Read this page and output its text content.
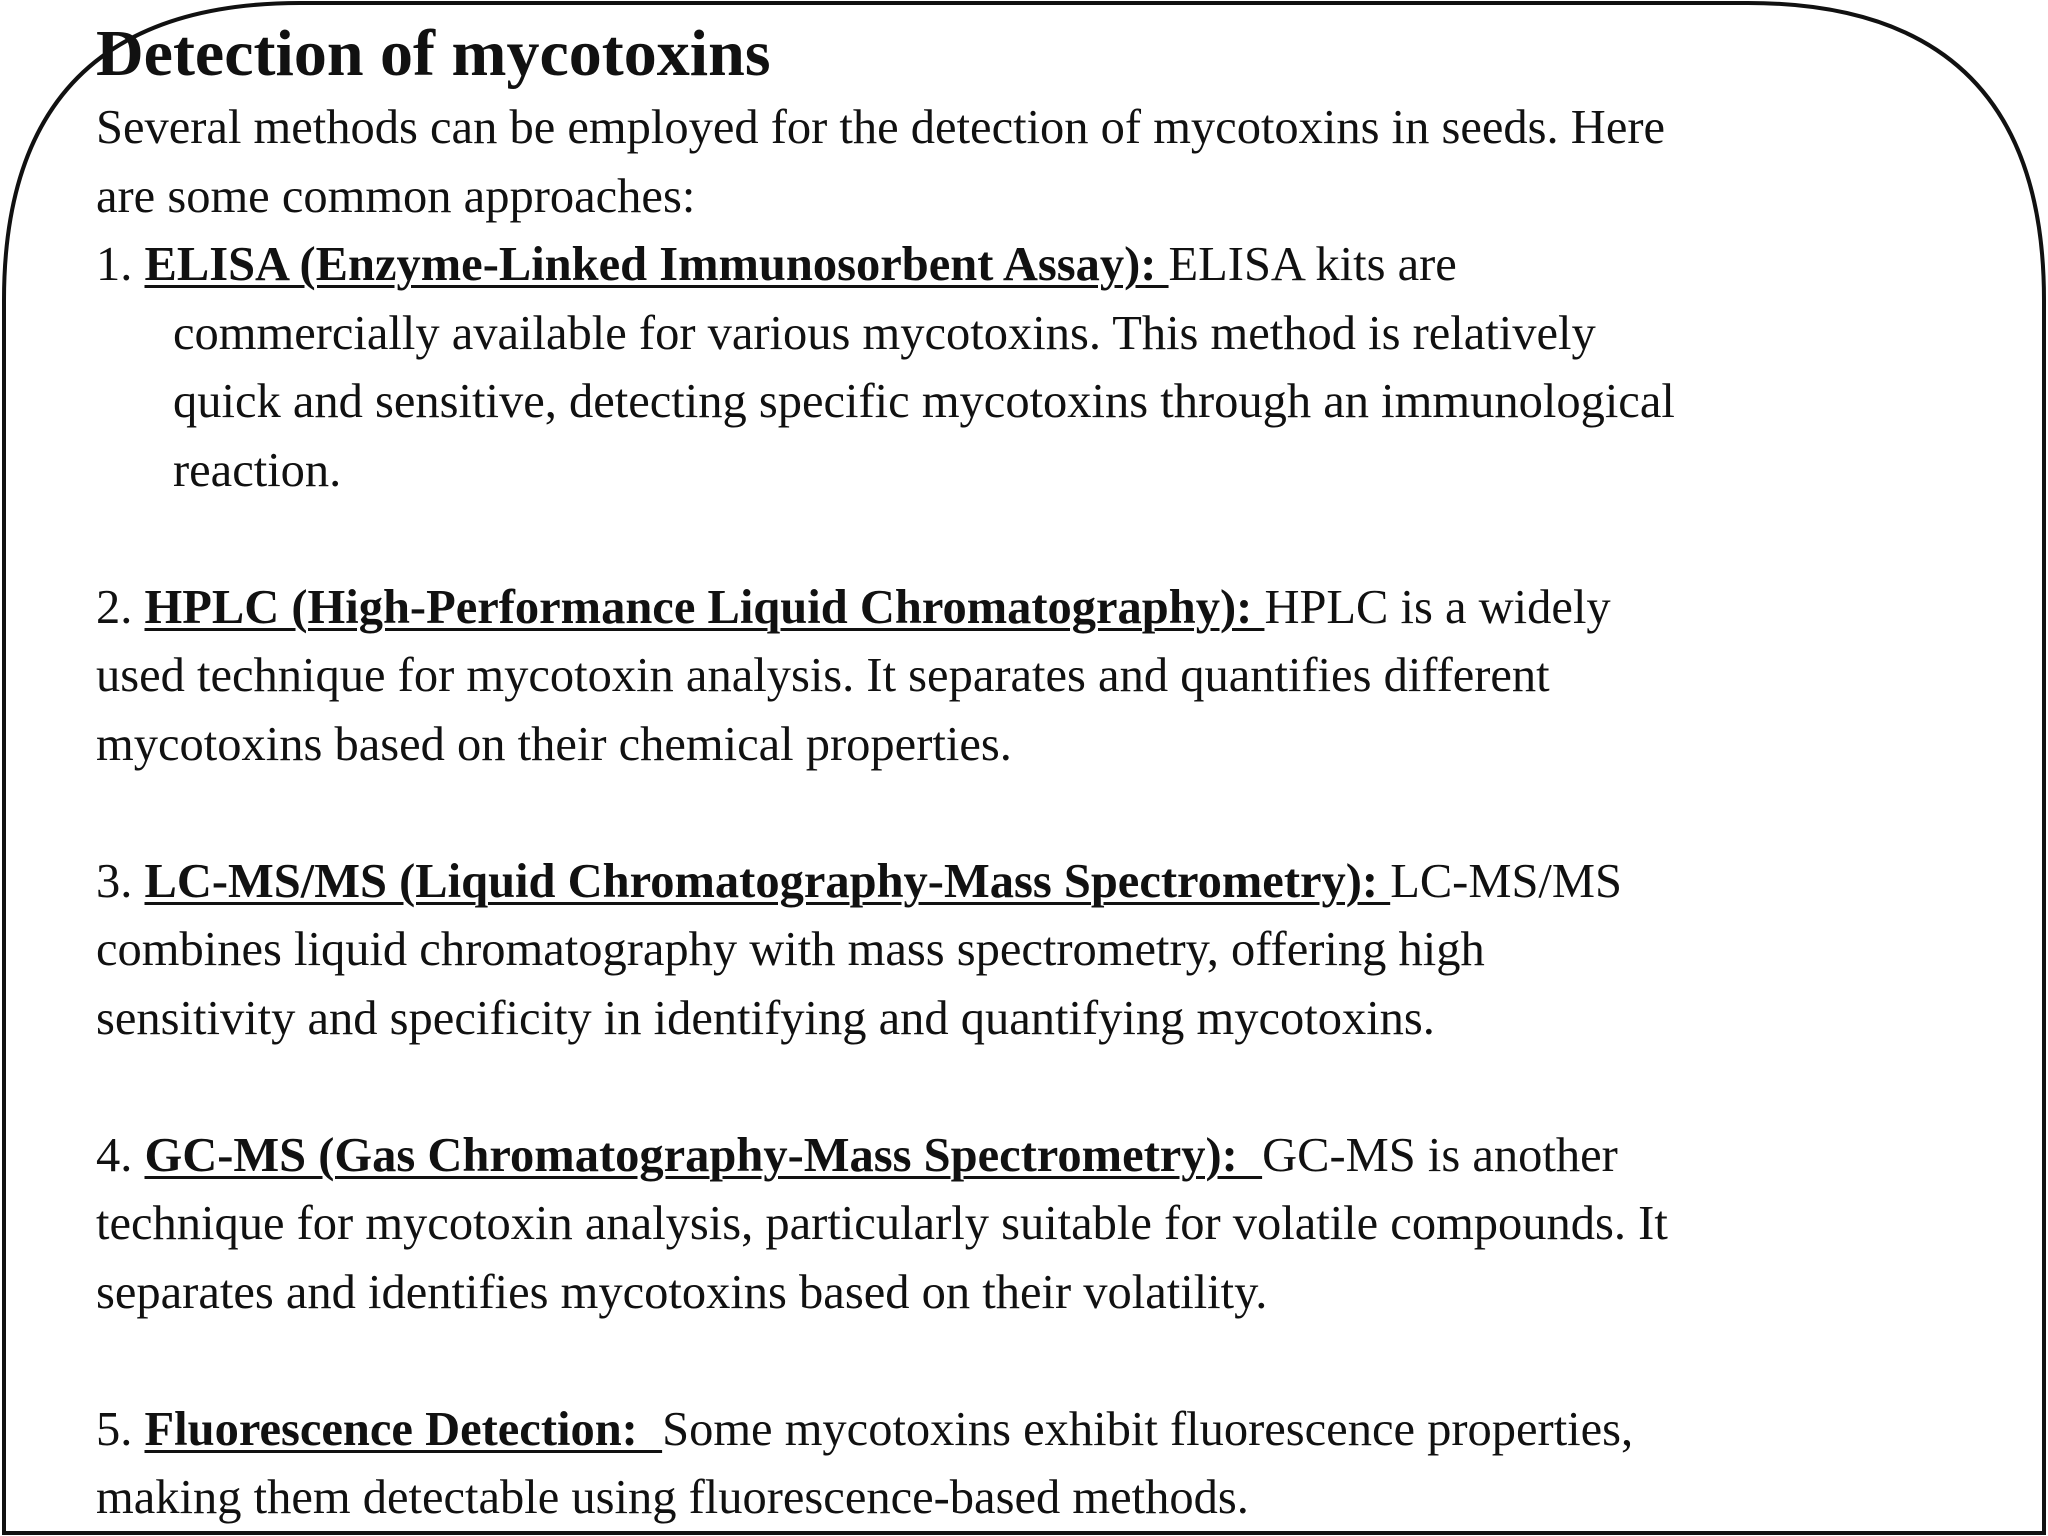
Detection of mycotoxins

Several methods can be employed for the detection of mycotoxins in seeds. Here

are some common approaches:

1. ELISA (Enzyme-Linked Immunosorbent Assay): ELISA kits are

commercially available for various mycotoxins. This method is relatively

quick and sensitive, detecting specific mycotoxins through an immunological

reaction.

2. HPLC (High-Performance Liquid Chromatography): HPLC is a widely

used technique for mycotoxin analysis. It separates and quantifies different

mycotoxins based on their chemical properties.

3. LC-MS/MS (Liquid Chromatography-Mass Spectrometry): LC-MS/MS

combines liquid chromatography with mass spectrometry, offering high

sensitivity and specificity in identifying and quantifying mycotoxins.

4. GC-MS (Gas Chromatography-Mass Spectrometry):  GC-MS is another

technique for mycotoxin analysis, particularly suitable for volatile compounds. It

separates and identifies mycotoxins based on their volatility.

5. Fluorescence Detection:  Some mycotoxins exhibit fluorescence properties,

making them detectable using fluorescence-based methods.
